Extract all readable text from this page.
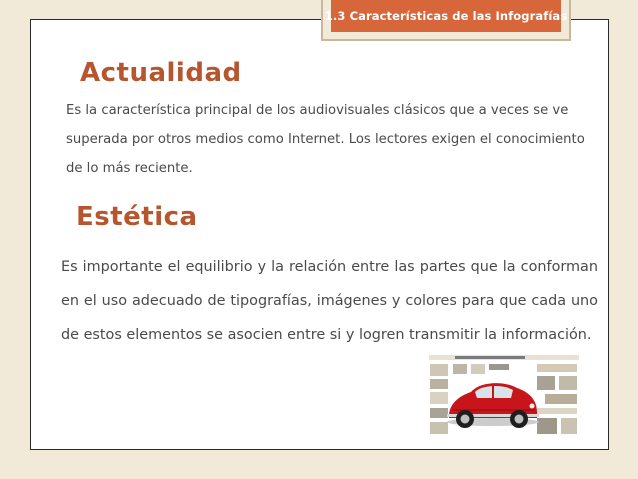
1.3 Características de las Infografías
Actualidad

Es la característica principal de los audiovisuales clásicos que a veces se ve superada por otros medios como Internet. Los lectores exigen el conocimiento de lo más reciente.

Estética

Es importante el equilibrio y la relación entre las partes que la conforman en el uso adecuado de tipografías, imágenes y colores para que cada uno de estos elementos se asocien entre si y logren transmitir la información.
